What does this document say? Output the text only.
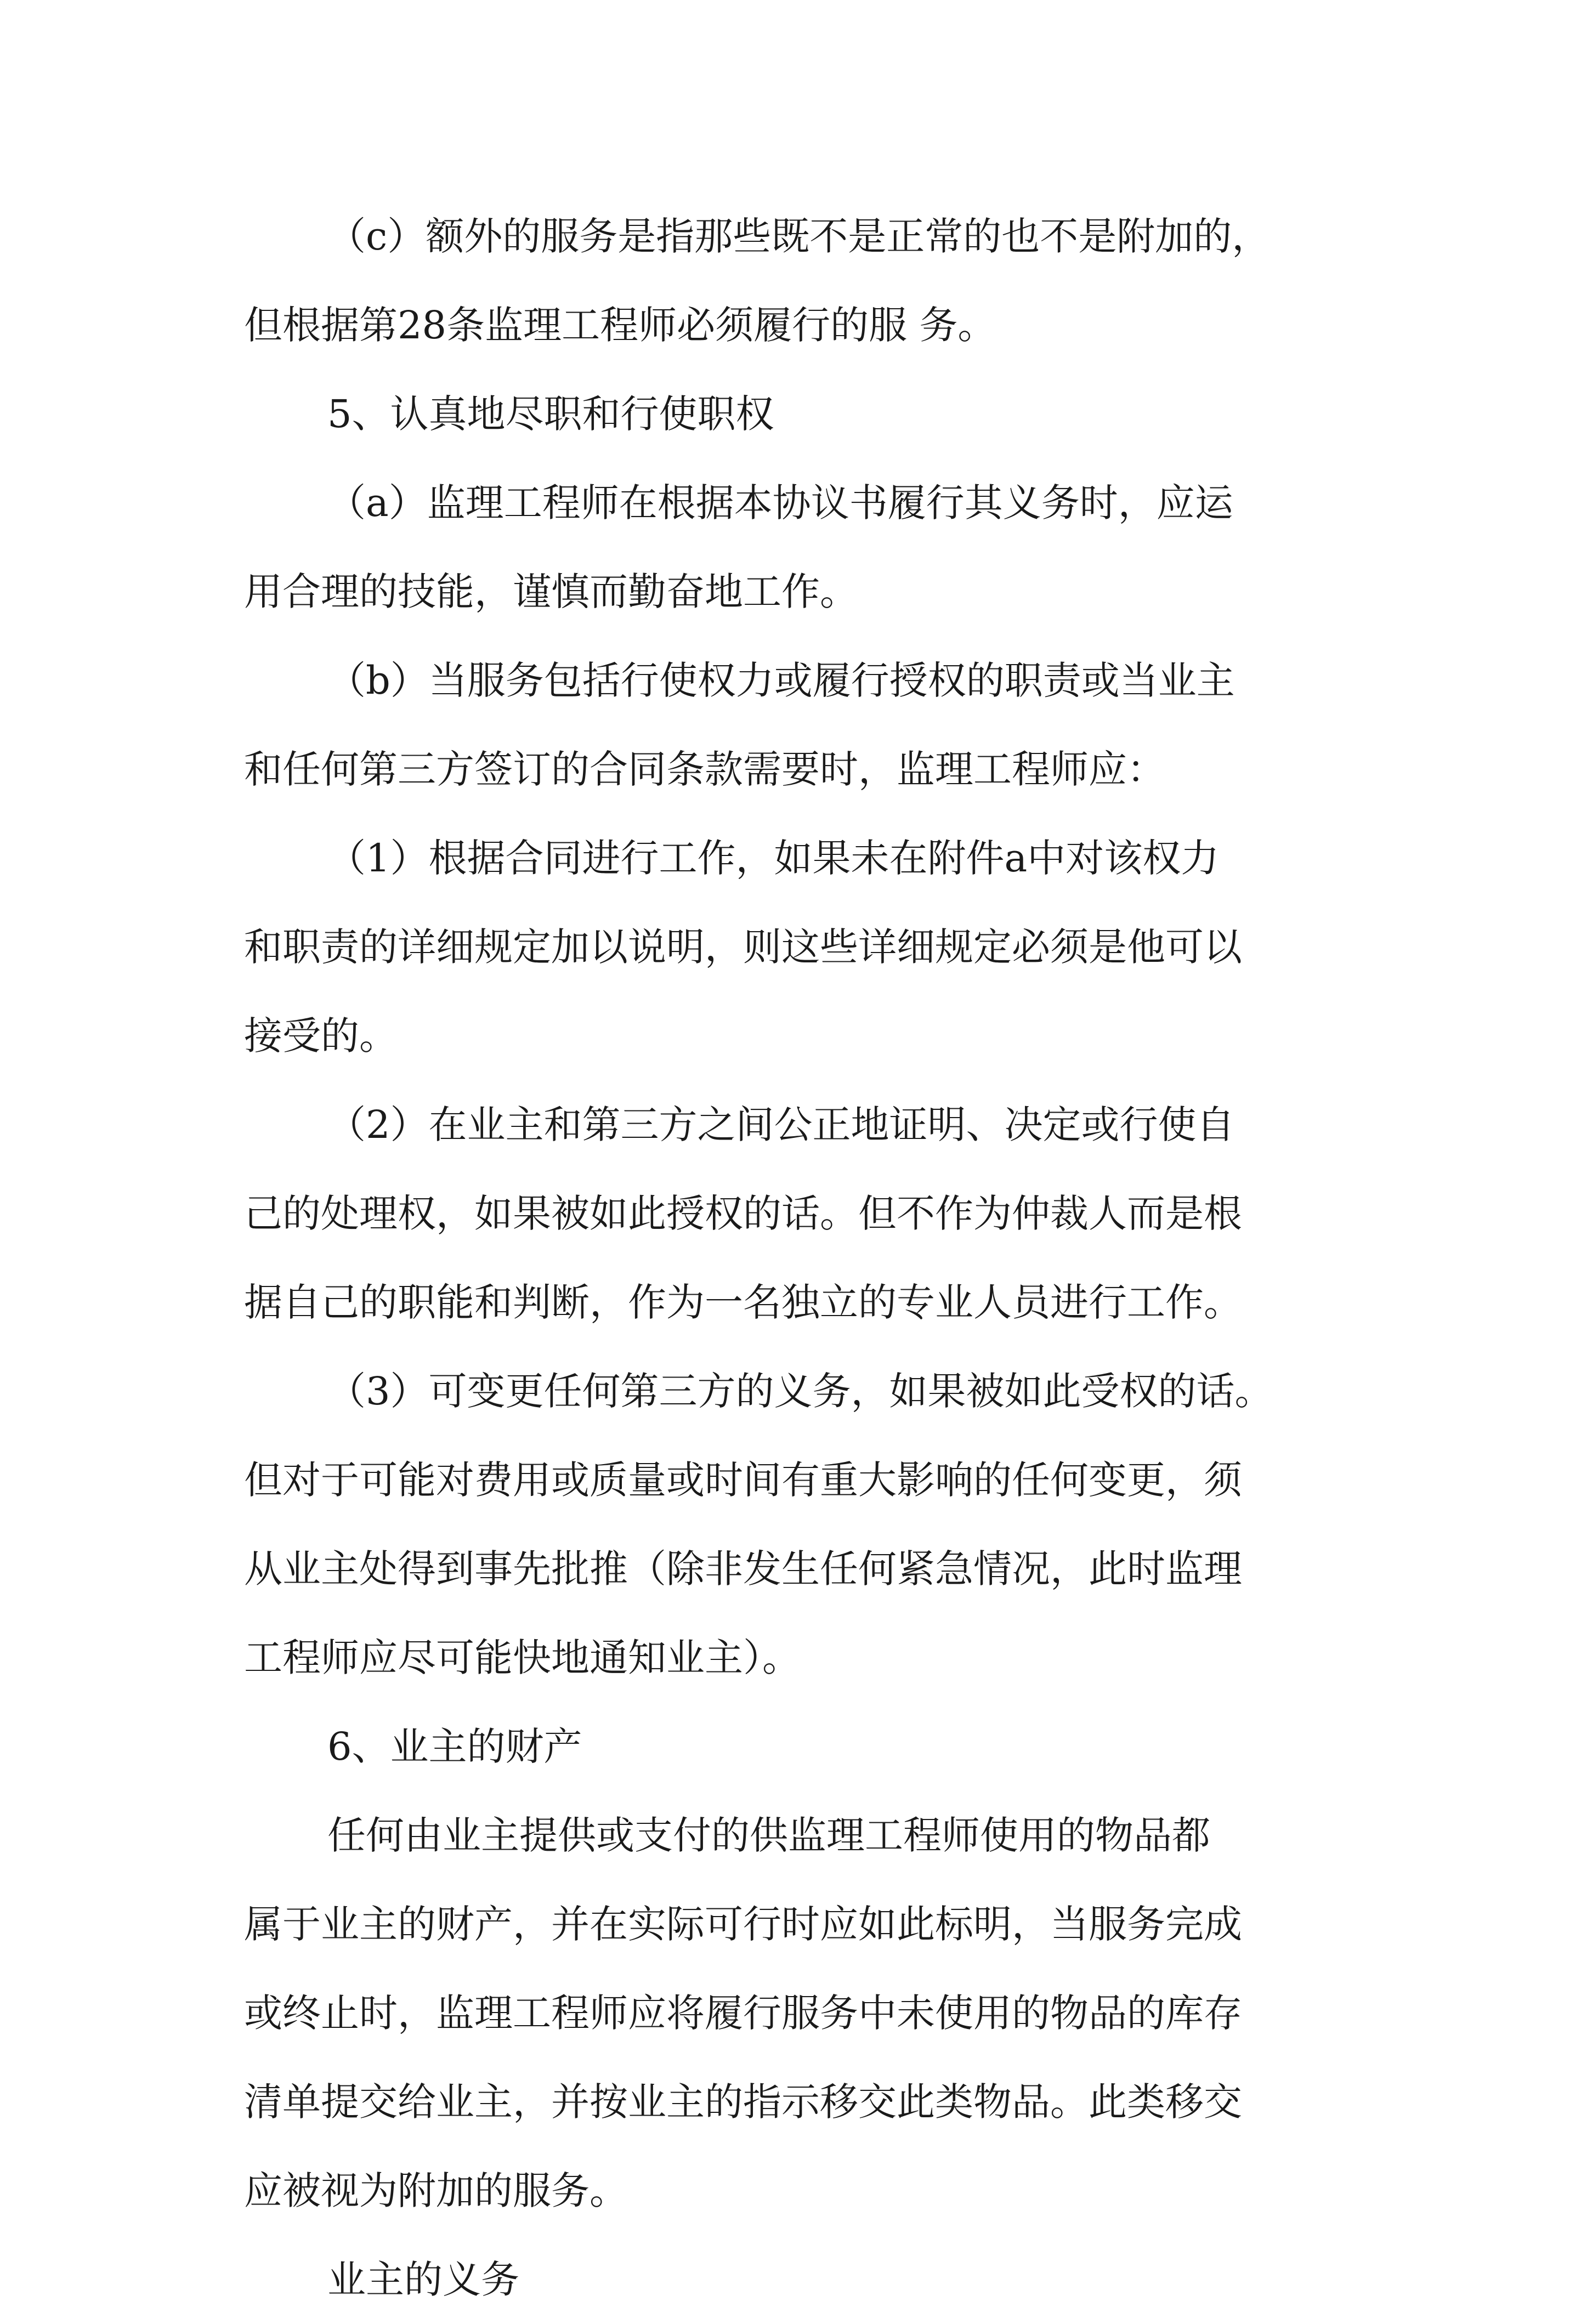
（c）额外的服务是指那些既不是正常的也不是附加的，
但根据第28条监理工程师必须履行的服 务。
5、认真地尽职和行使职权
（a）监理工程师在根据本协议书履行其义务时，应运
用合理的技能，谨慎而勤奋地工作。
（b）当服务包括行使权力或履行授权的职责或当业主
和任何第三方签订的合同条款需要时，监理工程师应：
（1）根据合同进行工作，如果未在附件a中对该权力
和职责的详细规定加以说明，则这些详细规定必须是他可以
接受的。
（2）在业主和第三方之间公正地证明、决定或行使自
己的处理权，如果被如此授权的话。但不作为仲裁人而是根
据自己的职能和判断，作为一名独立的专业人员进行工作。
（3）可变更任何第三方的义务，如果被如此受权的话。
但对于可能对费用或质量或时间有重大影响的任何变更，须
从业主处得到事先批推（除非发生任何紧急情况，此时监理
工程师应尽可能快地通知业主）。
6、业主的财产
任何由业主提供或支付的供监理工程师使用的物品都
属于业主的财产，并在实际可行时应如此标明，当服务完成
或终止时，监理工程师应将履行服务中未使用的物品的库存
清单提交给业主，并按业主的指示移交此类物品。此类移交
应被视为附加的服务。
业主的义务
